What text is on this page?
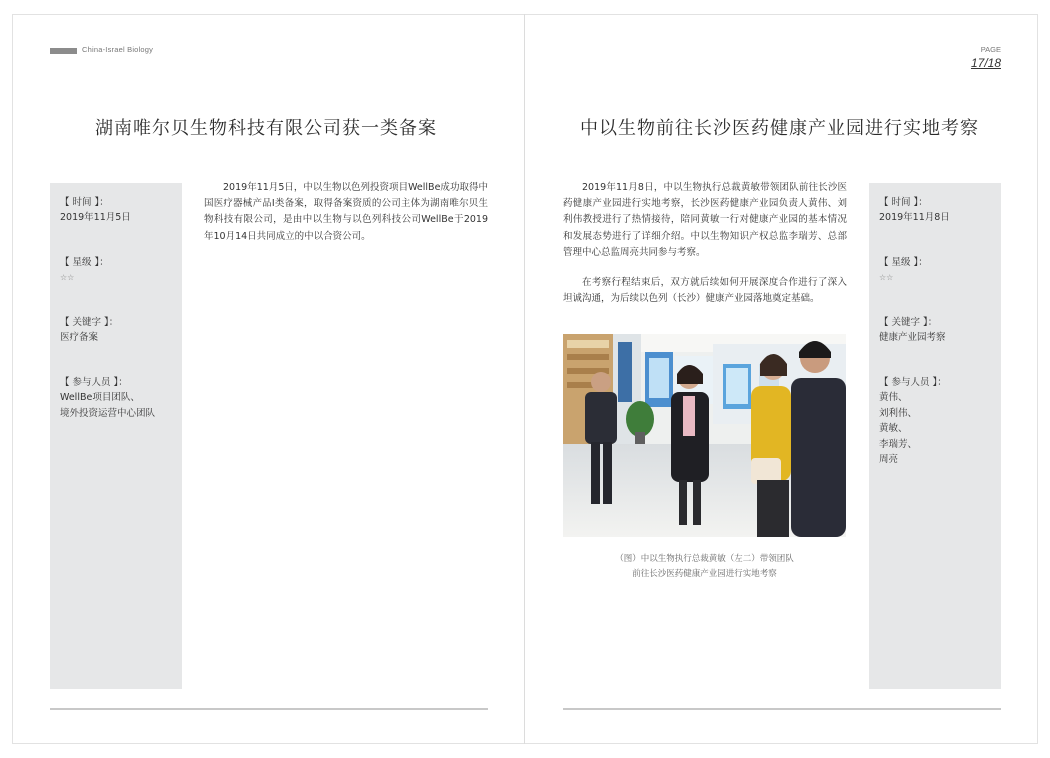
China-Israel Biology	PAGE
17/18
湖南唯尔贝生物科技有限公司获一类备案
【 时间 】：
2019年11月5日
【 星级 】：
☆☆
【 关键字 】：
医疗备案
【 参与人员 】：
WellBe项目团队、
境外投资运营中心团队

2019年11月5日，中以生物以色列投资项目WellBe成功取得中国医疗器械产品I类备案，取得备案资质的公司主体为湖南唯尔贝生物科技有限公司，是由中以生物与以色列科技公司WellBe于2019年10月14日共同成立的中以合资公司。

中以生物前往长沙医药健康产业园进行实地考察

2019年11月8日，中以生物执行总裁黄敏带领团队前往长沙医药健康产业园进行实地考察，长沙医药健康产业园负责人黄伟、刘利伟教授进行了热情接待，陪同黄敏一行对健康产业园的基本情况和发展态势进行了详细介绍。中以生物知识产权总监李瑞芳、总部管理中心总监周亮共同参与考察。

在考察行程结束后，双方就后续如何开展深度合作进行了深入坦诚沟通，为后续以色列（长沙）健康产业园落地奠定基础。

（图）中以生物执行总裁黄敏（左二）带领团队
前往长沙医药健康产业园进行实地考察
【 时间 】：
2019年11月8日
【 星级 】：
☆☆
【 关键字 】：
健康产业园考察
【 参与人员 】：
黄伟、
刘利伟、
黄敏、
李瑞芳、
周亮
